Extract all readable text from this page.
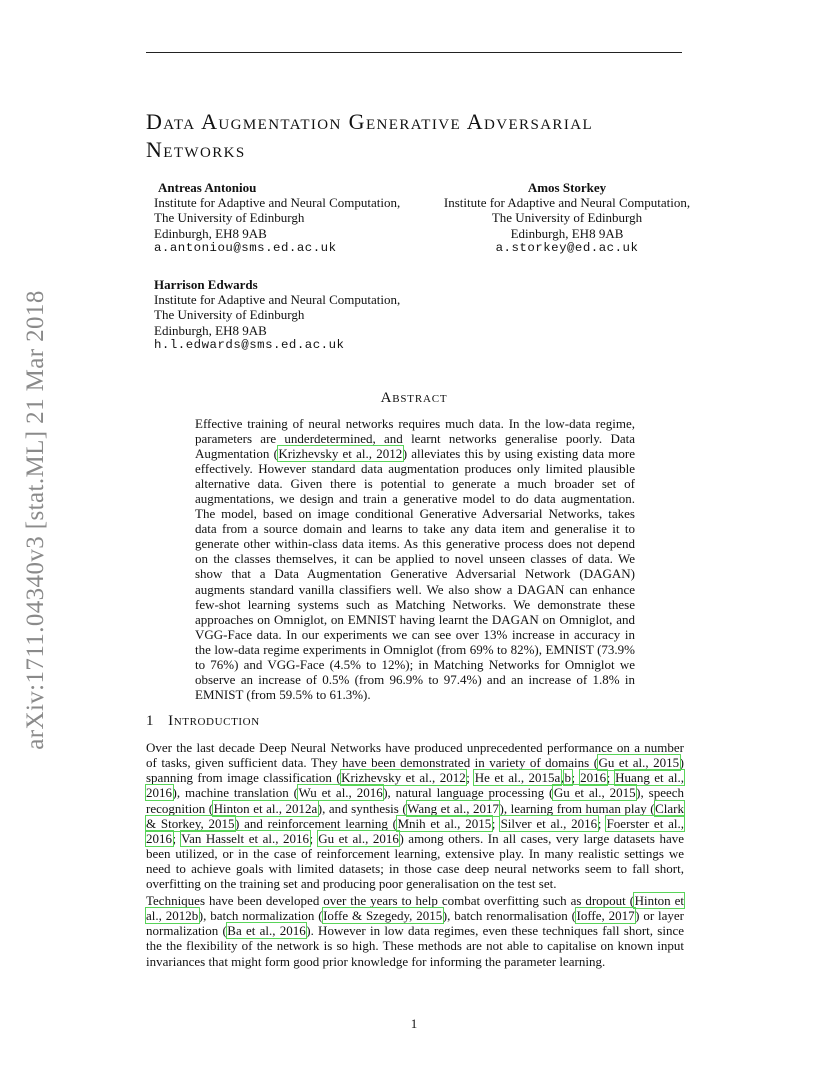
arXiv:1711.04340v3 [stat.ML] 21 Mar 2018
Data Augmentation Generative Adversarial
Networks
Antreas Antoniou
Institute for Adaptive and Neural Computation,
The University of Edinburgh
Edinburgh, EH8 9AB
a.antoniou@sms.ed.ac.uk
Amos Storkey
Institute for Adaptive and Neural Computation,
The University of Edinburgh
Edinburgh, EH8 9AB
a.storkey@ed.ac.uk
Harrison Edwards
Institute for Adaptive and Neural Computation,
The University of Edinburgh
Edinburgh, EH8 9AB
h.l.edwards@sms.ed.ac.uk
Abstract

Effective training of neural networks requires much data. In the low-data regime, parameters are underdetermined, and learnt networks generalise poorly. Data Augmentation (Krizhevsky et al., 2012) alleviates this by using existing data more effectively. However standard data augmentation produces only limited plausible alternative data. Given there is potential to generate a much broader set of augmentations, we design and train a generative model to do data augmentation. The model, based on image conditional Generative Adversarial Networks, takes data from a source domain and learns to take any data item and generalise it to generate other within-class data items. As this generative process does not depend on the classes themselves, it can be applied to novel unseen classes of data. We show that a Data Augmentation Generative Adversarial Network (DAGAN) augments standard vanilla classifiers well. We also show a DAGAN can enhance few-shot learning systems such as Matching Networks. We demonstrate these approaches on Omniglot, on EMNIST having learnt the DAGAN on Omniglot, and VGG-Face data. In our experiments we can see over 13% increase in accuracy in the low-data regime experiments in Omniglot (from 69% to 82%), EMNIST (73.9% to 76%) and VGG-Face (4.5% to 12%); in Matching Networks for Omniglot we observe an increase of 0.5% (from 96.9% to 97.4%) and an increase of 1.8% in EMNIST (from 59.5% to 61.3%).

1 Introduction

Over the last decade Deep Neural Networks have produced unprecedented performance on a number of tasks, given sufficient data. They have been demonstrated in variety of domains (Gu et al., 2015) spanning from image classification (Krizhevsky et al., 2012; He et al., 2015a,b; 2016; Huang et al., 2016), machine translation (Wu et al., 2016), natural language processing (Gu et al., 2015), speech recognition (Hinton et al., 2012a), and synthesis (Wang et al., 2017), learning from human play (Clark & Storkey, 2015) and reinforcement learning (Mnih et al., 2015; Silver et al., 2016; Foerster et al., 2016; Van Hasselt et al., 2016; Gu et al., 2016) among others. In all cases, very large datasets have been utilized, or in the case of reinforcement learning, extensive play. In many realistic settings we need to achieve goals with limited datasets; in those case deep neural networks seem to fall short, overfitting on the training set and producing poor generalisation on the test set.

Techniques have been developed over the years to help combat overfitting such as dropout (Hinton et al., 2012b), batch normalization (Ioffe & Szegedy, 2015), batch renormalisation (Ioffe, 2017) or layer normalization (Ba et al., 2016). However in low data regimes, even these techniques fall short, since the the flexibility of the network is so high. These methods are not able to capitalise on known input invariances that might form good prior knowledge for informing the parameter learning.

1
